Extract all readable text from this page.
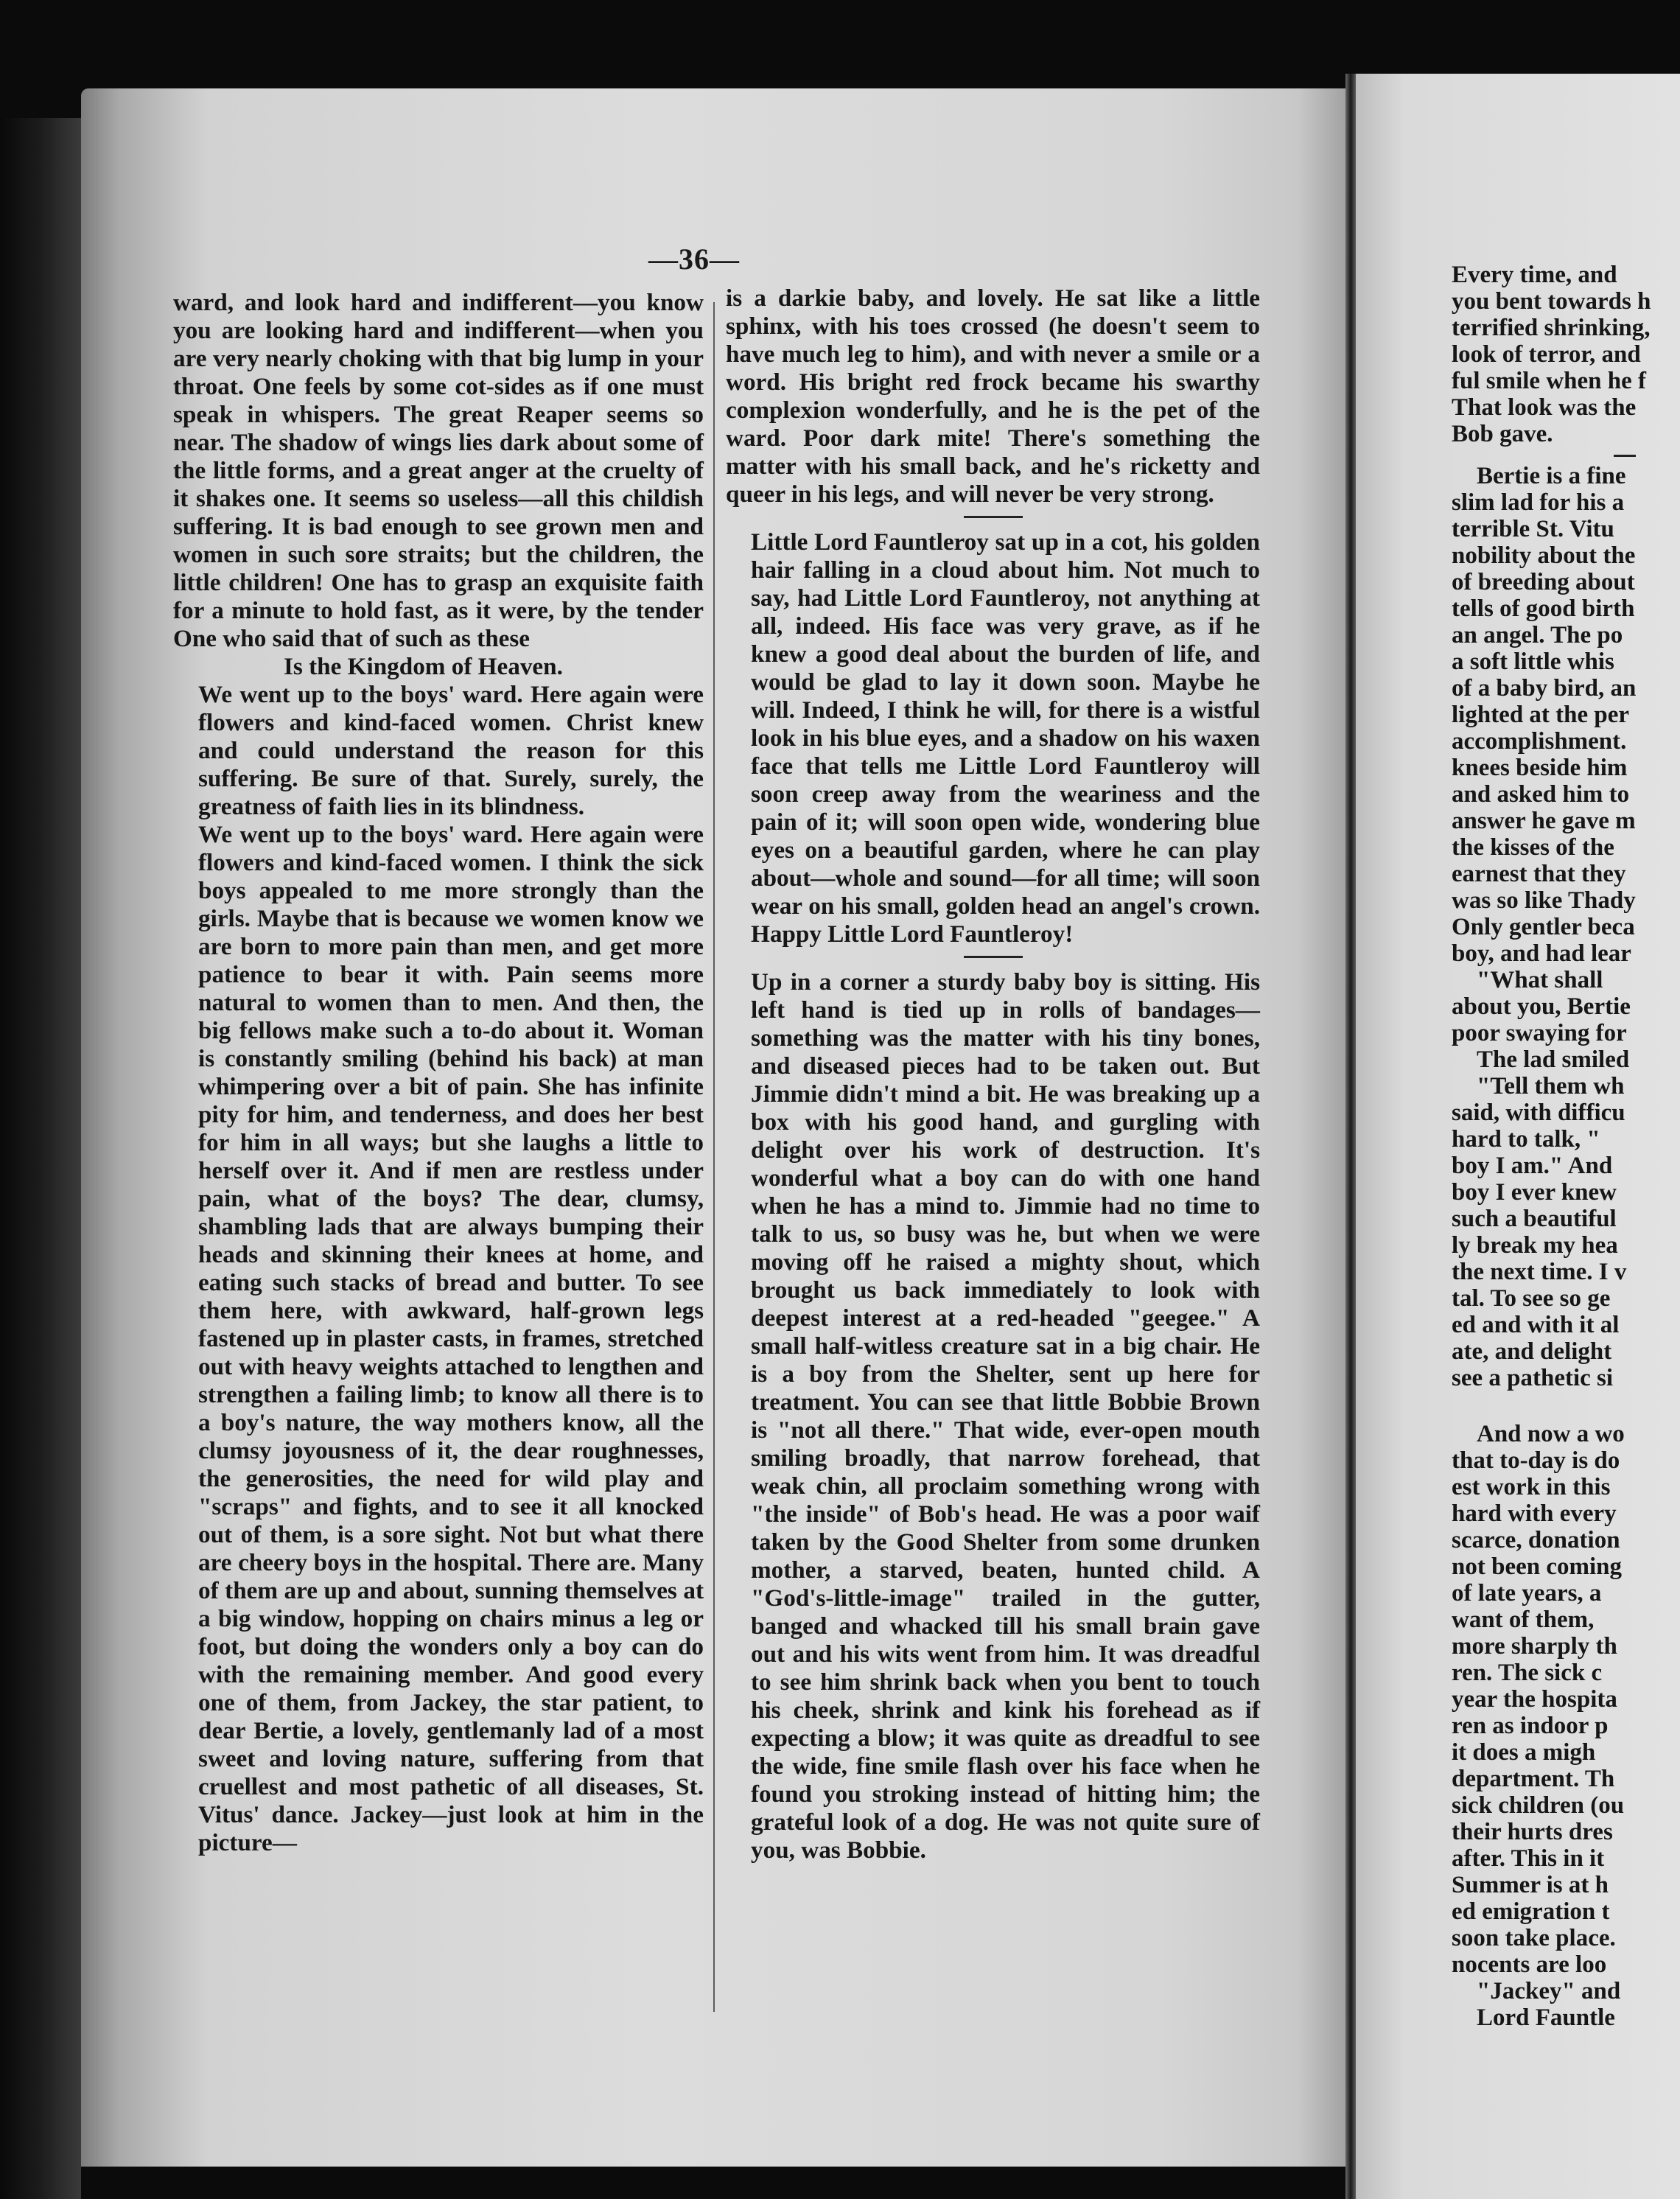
—36—

ward, and look hard and indifferent—you know you are looking hard and indifferent—when you are very nearly choking with that big lump in your throat. One feels by some cot-sides as if one must speak in whispers. The great Reaper seems so near. The shadow of wings lies dark about some of the little forms, and a great anger at the cruelty of it shakes one. It seems so useless—all this childish suffering. It is bad enough to see grown men and women in such sore straits; but the children, the little children! One has to grasp an exquisite faith for a minute to hold fast, as it were, by the tender One who said that of such as these

Is the Kingdom of Heaven.

We went up to the boys' ward. Here again were flowers and kind-faced women. Christ knew and could understand the reason for this suffering. Be sure of that. Surely, surely, the greatness of faith lies in its blindness.

We went up to the boys' ward. Here again were flowers and kind-faced women. I think the sick boys appealed to me more strongly than the girls. Maybe that is because we women know we are born to more pain than men, and get more patience to bear it with. Pain seems more natural to women than to men. And then, the big fellows make such a to-do about it. Woman is constantly smiling (behind his back) at man whimpering over a bit of pain. She has infinite pity for him, and tenderness, and does her best for him in all ways; but she laughs a little to herself over it. And if men are restless under pain, what of the boys? The dear, clumsy, shambling lads that are always bumping their heads and skinning their knees at home, and eating such stacks of bread and butter. To see them here, with awkward, half-grown legs fastened up in plaster casts, in frames, stretched out with heavy weights attached to lengthen and strengthen a failing limb; to know all there is to a boy's nature, the way mothers know, all the clumsy joyousness of it, the dear roughnesses, the generosities, the need for wild play and "scraps" and fights, and to see it all knocked out of them, is a sore sight. Not but what there are cheery boys in the hospital. There are. Many of them are up and about, sunning themselves at a big window, hopping on chairs minus a leg or foot, but doing the wonders only a boy can do with the remaining member. And good every one of them, from Jackey, the star patient, to dear Bertie, a lovely, gentlemanly lad of a most sweet and loving nature, suffering from that cruellest and most pathetic of all diseases, St. Vitus' dance. Jackey—just look at him in the picture—

is a darkie baby, and lovely. He sat like a little sphinx, with his toes crossed (he doesn't seem to have much leg to him), and with never a smile or a word. His bright red frock became his swarthy complexion wonderfully, and he is the pet of the ward. Poor dark mite! There's something the matter with his small back, and he's ricketty and queer in his legs, and will never be very strong.

Little Lord Fauntleroy sat up in a cot, his golden hair falling in a cloud about him. Not much to say, had Little Lord Fauntleroy, not anything at all, indeed. His face was very grave, as if he knew a good deal about the burden of life, and would be glad to lay it down soon. Maybe he will. Indeed, I think he will, for there is a wistful look in his blue eyes, and a shadow on his waxen face that tells me Little Lord Fauntleroy will soon creep away from the weariness and the pain of it; will soon open wide, wondering blue eyes on a beautiful garden, where he can play about—whole and sound—for all time; will soon wear on his small, golden head an angel's crown. Happy Little Lord Fauntleroy!

Up in a corner a sturdy baby boy is sitting. His left hand is tied up in rolls of bandages—something was the matter with his tiny bones, and diseased pieces had to be taken out. But Jimmie didn't mind a bit. He was breaking up a box with his good hand, and gurgling with delight over his work of destruction. It's wonderful what a boy can do with one hand when he has a mind to. Jimmie had no time to talk to us, so busy was he, but when we were moving off he raised a mighty shout, which brought us back immediately to look with deepest interest at a red-headed "geegee." A small half-witless creature sat in a big chair. He is a boy from the Shelter, sent up here for treatment. You can see that little Bobbie Brown is "not all there." That wide, ever-open mouth smiling broadly, that narrow forehead, that weak chin, all proclaim something wrong with "the inside" of Bob's head. He was a poor waif taken by the Good Shelter from some drunken mother, a starved, beaten, hunted child. A "God's-little-image" trailed in the gutter, banged and whacked till his small brain gave out and his wits went from him. It was dreadful to see him shrink back when you bent to touch his cheek, shrink and kink his forehead as if expecting a blow; it was quite as dreadful to see the wide, fine smile flash over his face when he found you stroking instead of hitting him; the grateful look of a dog. He was not quite sure of you, was Bobbie.

Every time, and

you bent towards h

terrified shrinking,

look of terror, and

ful smile when he f

That look was the

Bob gave.

Bertie is a fine

slim lad for his a

terrible St. Vitu

nobility about the

of breeding about

tells of good birth

an angel. The po

a soft little whis

of a baby bird, an

lighted at the per

accomplishment.

knees beside him

and asked him to

answer he gave m

the kisses of the

earnest that they

was so like Thady

Only gentler beca

boy, and had lear

"What shall

about you, Bertie

poor swaying for

The lad smiled

"Tell them wh

said, with difficu

hard to talk, "

boy I am." And

boy I ever knew

such a beautiful

ly break my hea

the next time. I v

tal. To see so ge

ed and with it al

ate, and delight

see a pathetic si

And now a wo

that to-day is do

est work in this

hard with every

scarce, donation

not been coming

of late years, a

want of them,

more sharply th

ren. The sick c

year the hospita

ren as indoor p

it does a migh

department. Th

sick children (ou

their hurts dres

after. This in it

Summer is at h

ed emigration t

soon take place.

nocents are loo

"Jackey" and

Lord Fauntle
